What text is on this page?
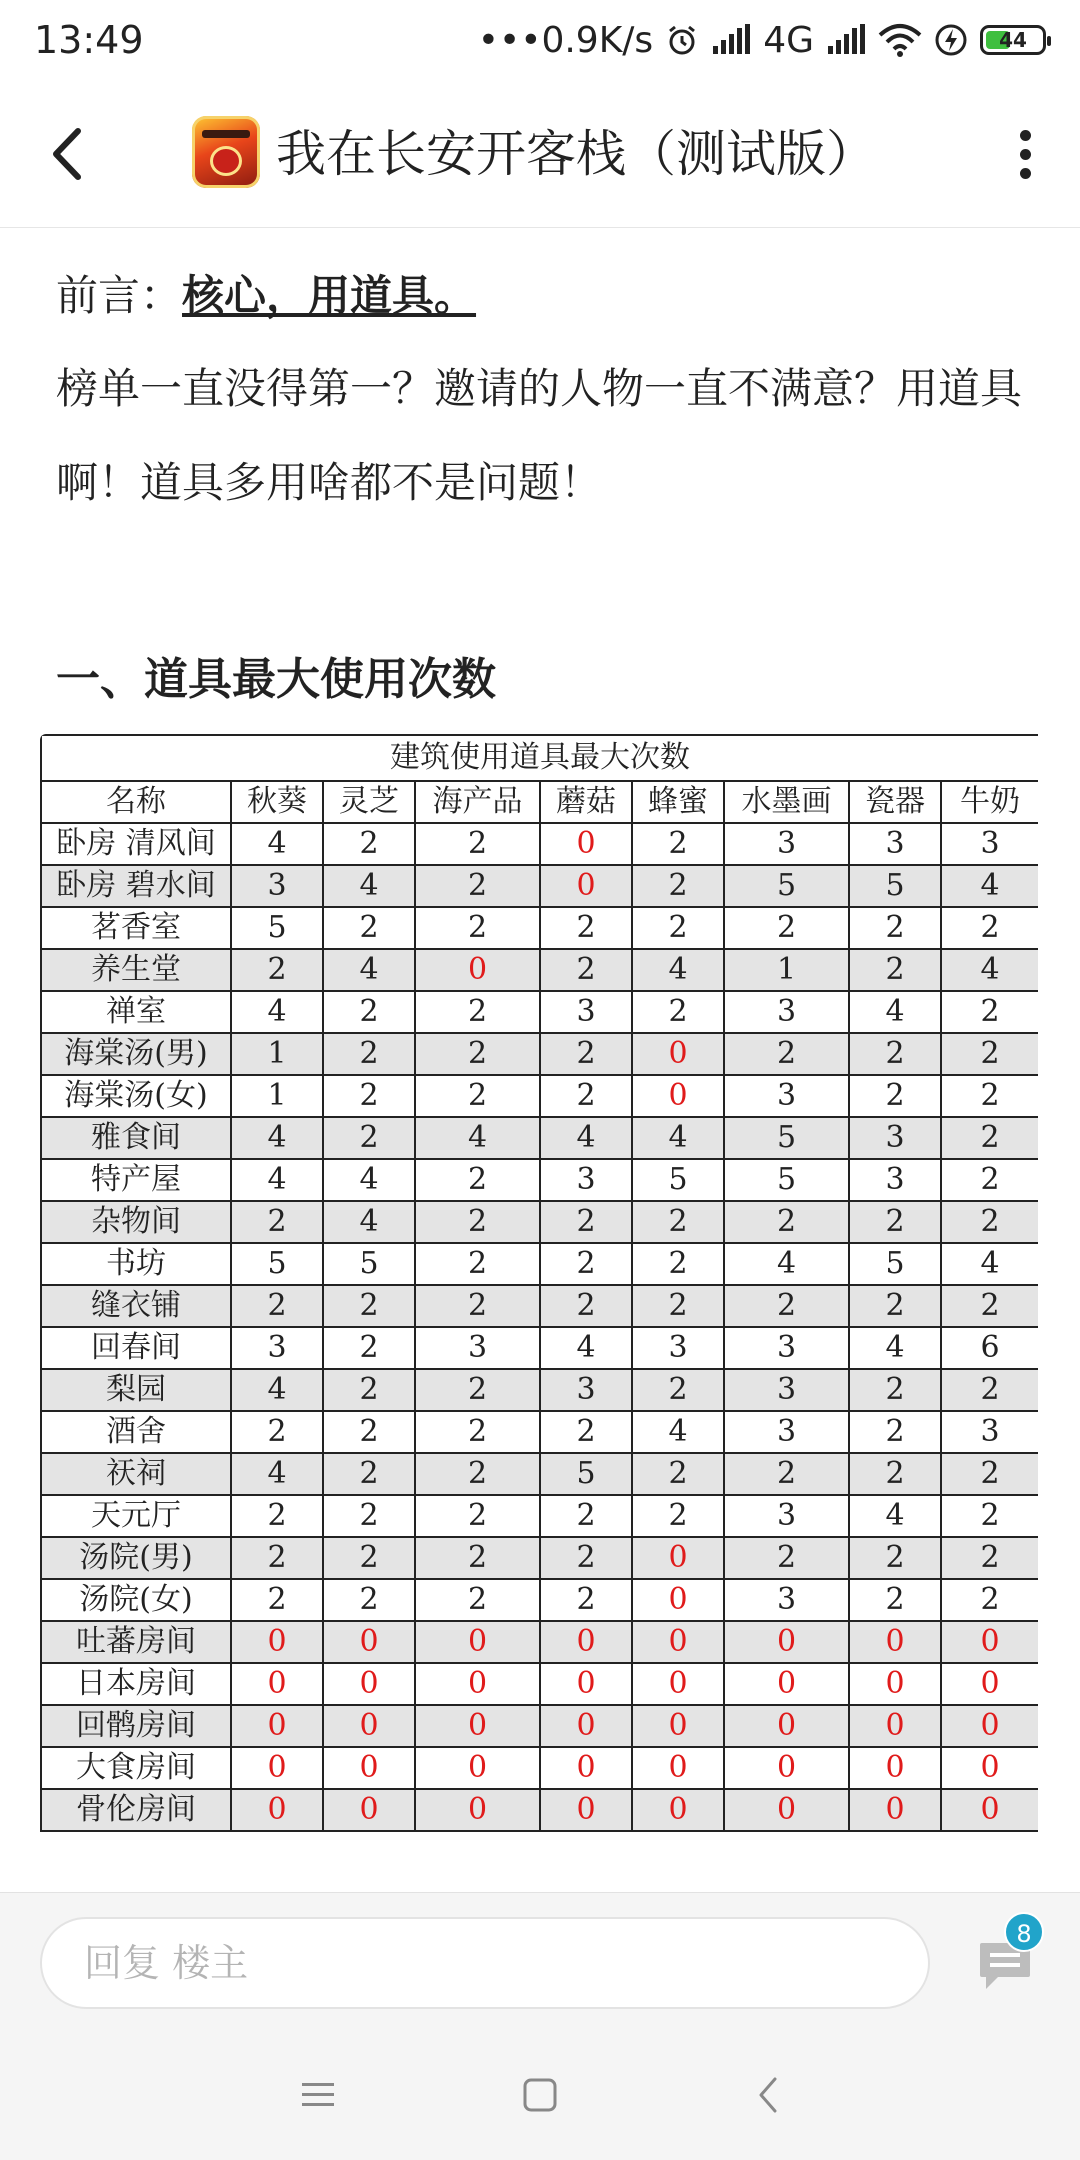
13:49	•••0.9K/s	4G	44
我在长安开客栈（测试版）
前言：核心，用道具。
榜单一直没得第一？邀请的人物一直不满意？用道具啊！道具多用啥都不是问题！
一、道具最大使用次数
建筑使用道具最大次数								
名称	秋葵	灵芝	海产品	蘑菇	蜂蜜	水墨画	瓷器	牛奶
卧房 清风间	4	2	2	0	2	3	3	3
卧房 碧水间	3	4	2	0	2	5	5	4
茗香室	5	2	2	2	2	2	2	2
养生堂	2	4	0	2	4	1	2	4
禅室	4	2	2	3	2	3	4	2
海棠汤(男)	1	2	2	2	0	2	2	2
海棠汤(女)	1	2	2	2	0	3	2	2
雅食间	4	2	4	4	4	5	3	2
特产屋	4	4	2	3	5	5	3	2
杂物间	2	4	2	2	2	2	2	2
书坊	5	5	2	2	2	4	5	4
缝衣铺	2	2	2	2	2	2	2	2
回春间	3	2	3	4	3	3	4	6
梨园	4	2	2	3	2	3	2	2
酒舍	2	2	2	2	4	3	2	3
祆祠	4	2	2	5	2	2	2	2
天元厅	2	2	2	2	2	3	4	2
汤院(男)	2	2	2	2	0	2	2	2
汤院(女)	2	2	2	2	0	3	2	2
吐蕃房间	0	0	0	0	0	0	0	0
日本房间	0	0	0	0	0	0	0	0
回鹘房间	0	0	0	0	0	0	0	0
大食房间	0	0	0	0	0	0	0	0
骨伦房间	0	0	0	0	0	0	0	0
回复 楼主
8
